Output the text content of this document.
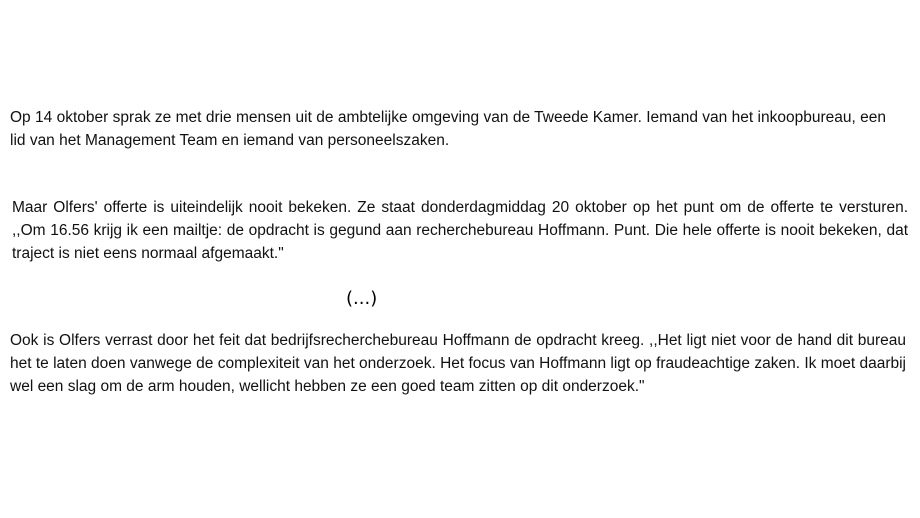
Op 14 oktober sprak ze met drie mensen uit de ambtelijke omgeving van de Tweede Kamer. Iemand van het inkoopbureau, een lid van het Management Team en iemand van personeelszaken.

Maar Olfers' offerte is uiteindelijk nooit bekeken. Ze staat donderdagmiddag 20 oktober op het punt om de offerte te versturen. ,,Om 16.56 krijg ik een mailtje: de opdracht is gegund aan recherchebureau Hoffmann. Punt. Die hele offerte is nooit bekeken, dat traject is niet eens normaal afgemaakt."

(...)

Ook is Olfers verrast door het feit dat bedrijfsrecherchebureau Hoffmann de opdracht kreeg. ,,Het ligt niet voor de hand dit bureau het te laten doen vanwege de complexiteit van het onderzoek. Het focus van Hoffmann ligt op fraudeachtige zaken. Ik moet daarbij wel een slag om de arm houden, wellicht hebben ze een goed team zitten op dit onderzoek."
